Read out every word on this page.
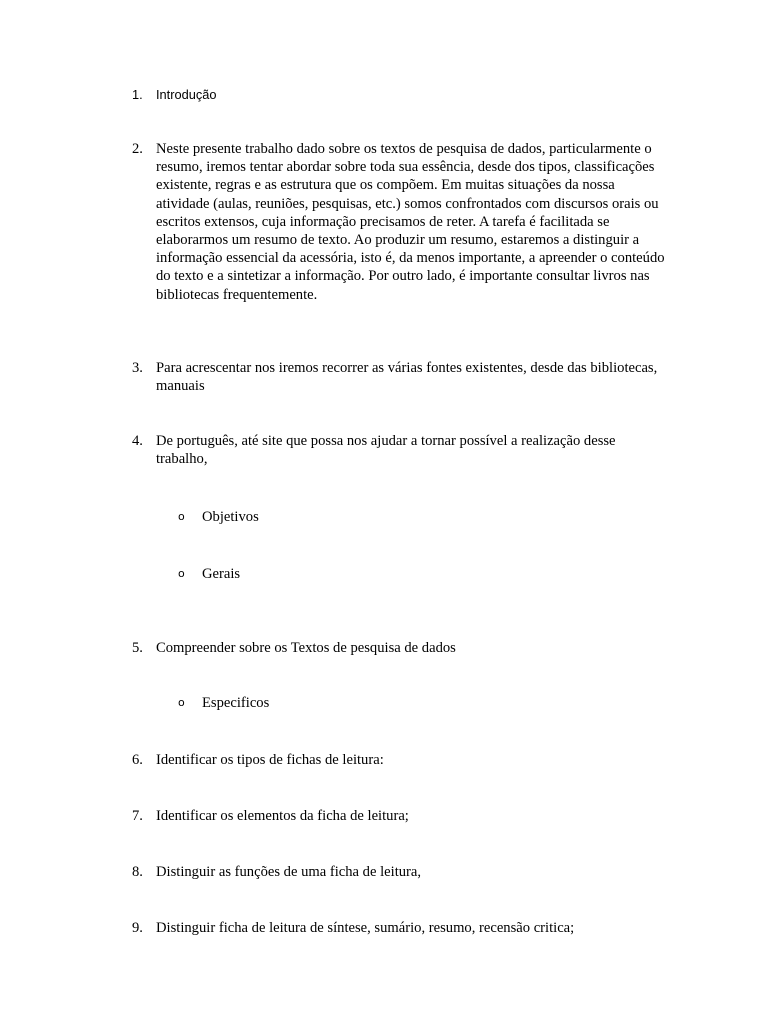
1.	Introdução
2. Neste presente trabalho dado sobre os textos de pesquisa de dados, particularmente o resumo, iremos tentar abordar sobre toda sua essência, desde dos tipos, classificações existente, regras e as estrutura que os compõem. Em muitas situações da nossa atividade (aulas, reuniões, pesquisas, etc.) somos confrontados com discursos orais ou escritos extensos, cuja informação precisamos de reter. A tarefa é facilitada se elaborarmos um resumo de texto. Ao produzir um resumo, estaremos a distinguir a informação essencial da acessória, isto é, da menos importante, a apreender o conteúdo do texto e a sintetizar a informação. Por outro lado, é importante consultar livros nas bibliotecas frequentemente.
3. Para acrescentar nos iremos recorrer as várias fontes existentes, desde das bibliotecas, manuais
4. De português, até site que possa nos ajudar a tornar possível a realização desse trabalho,
o Objetivos
o Gerais
5. Compreender sobre os Textos de pesquisa de dados
o Especificos
6. Identificar os tipos de fichas de leitura:
7. Identificar os elementos da ficha de leitura;
8. Distinguir as funções de uma ficha de leitura,
9. Distinguir ficha de leitura de síntese, sumário, resumo, recensão critica;
